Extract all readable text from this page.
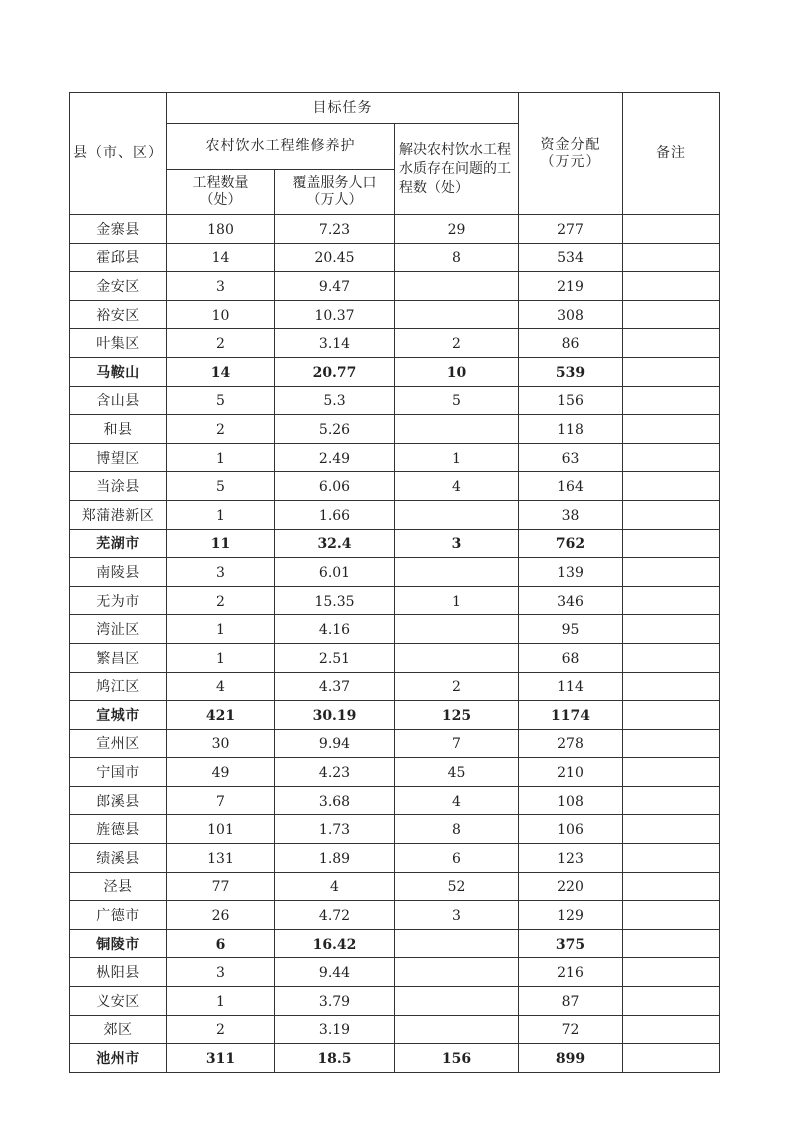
县（市、区）	目标任务			资金分配（万元）	备注
	农村饮水工程维修养护		解决农村饮水工程水质存在问题的工程数（处）		
	工程数量（处）	覆盖服务人口（万人）			
金寨县	180	7.23	29	277	
霍邱县	14	20.45	8	534	
金安区	3	9.47		219	
裕安区	10	10.37		308	
叶集区	2	3.14	2	86	
马鞍山	14	20.77	10	539	
含山县	5	5.3	5	156	
和县	2	5.26		118	
博望区	1	2.49	1	63	
当涂县	5	6.06	4	164	
郑蒲港新区	1	1.66		38	
芜湖市	11	32.4	3	762	
南陵县	3	6.01		139	
无为市	2	15.35	1	346	
湾沚区	1	4.16		95	
繁昌区	1	2.51		68	
鸠江区	4	4.37	2	114	
宣城市	421	30.19	125	1174	
宣州区	30	9.94	7	278	
宁国市	49	4.23	45	210	
郎溪县	7	3.68	4	108	
旌德县	101	1.73	8	106	
绩溪县	131	1.89	6	123	
泾县	77	4	52	220	
广德市	26	4.72	3	129	
铜陵市	6	16.42		375	
枞阳县	3	9.44		216	
义安区	1	3.79		87	
郊区	2	3.19		72	
池州市	311	18.5	156	899	
